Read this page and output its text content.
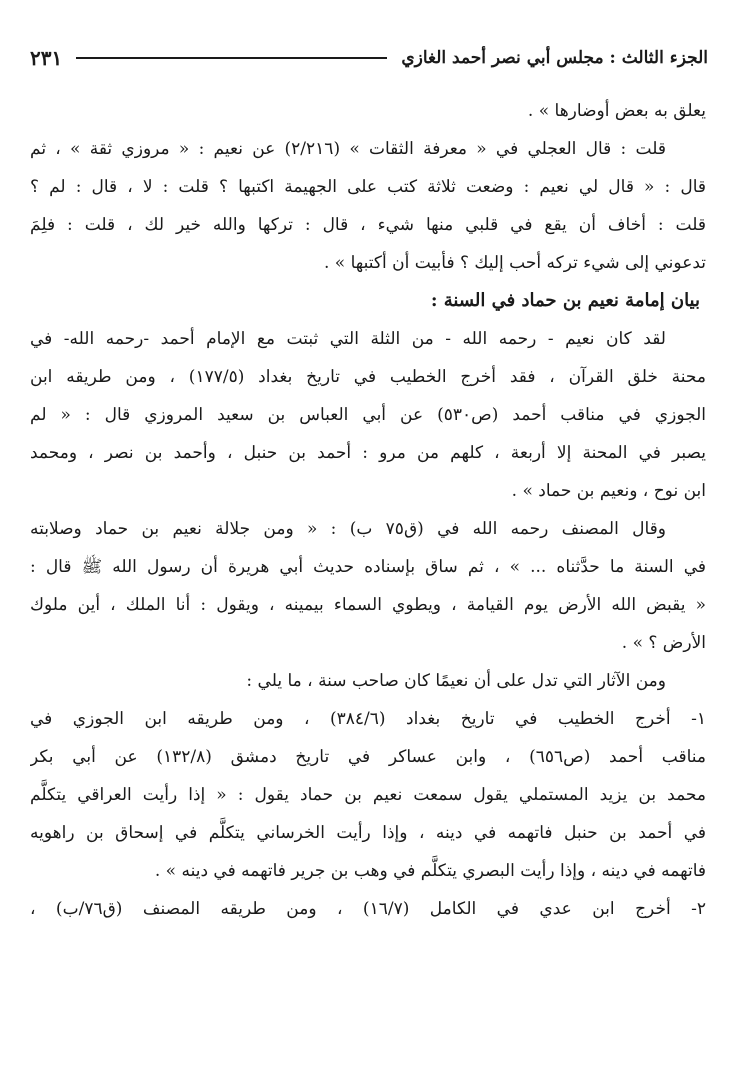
الجزء الثالث : مجلس أبي نصر أحمد الغازي
٢٣١
يعلق به بعض أوضارها » .
قلت : قال العجلي في « معرفة الثقات » (٢/٢١٦) عن نعيم : « مروزي ثقة » ، ثم
قال : « قال لي نعيم : وضعت ثلاثة كتب على الجهيمة اكتبها ؟ قلت : لا ، قال : لم ؟
قلت : أخاف أن يقع في قلبي منها شيء ، قال : تركها والله خير لك ، قلت : فلِمَ
تدعوني إلى شيء تركه أحب إليك ؟ فأبيت أن أكتبها » .
بيان إمامة نعيم بن حماد في السنة :
لقد كان نعيم - رحمه الله - من الثلة التي ثبتت مع الإمام أحمد -رحمه الله- في
محنة خلق القرآن ، فقد أخرج الخطيب في تاريخ بغداد (١٧٧/٥) ، ومن طريقه ابن
الجوزي في مناقب أحمد (ص٥٣٠) عن أبي العباس بن سعيد المروزي قال : « لم
يصبر في المحنة إلا أربعة ، كلهم من مرو : أحمد بن حنبل ، وأحمد بن نصر ، ومحمد
ابن نوح ، ونعيم بن حماد » .
وقال المصنف رحمه الله في (ق٧٥ ب) : « ومن جلالة نعيم بن حماد وصلابته
في السنة ما حدَّثناه ... » ، ثم ساق بإسناده حديث أبي هريرة أن رسول الله ﷺ قال :
« يقبض الله الأرض يوم القيامة ، ويطوي السماء بيمينه ، ويقول : أنا الملك ، أين ملوك
الأرض ؟ » .
ومن الآثار التي تدل على أن نعيمًا كان صاحب سنة ، ما يلي :
١- أخرج الخطيب في تاريخ بغداد (٣٨٤/٦) ، ومن طريقه ابن الجوزي في
مناقب أحمد (ص٦٥٦) ، وابن عساكر في تاريخ دمشق (١٣٢/٨) عن أبي بكر
محمد بن يزيد المستملي يقول سمعت نعيم بن حماد يقول : « إذا رأيت العراقي يتكلَّم
في أحمد بن حنبل فاتهمه في دينه ، وإذا رأيت الخرساني يتكلَّم في إسحاق بن راهويه
فاتهمه في دينه ، وإذا رأيت البصري يتكلَّم في وهب بن جرير فاتهمه في دينه » .
٢- أخرج ابن عدي في الكامل (١٦/٧) ، ومن طريقه المصنف (ق٧٦/ب) ،
